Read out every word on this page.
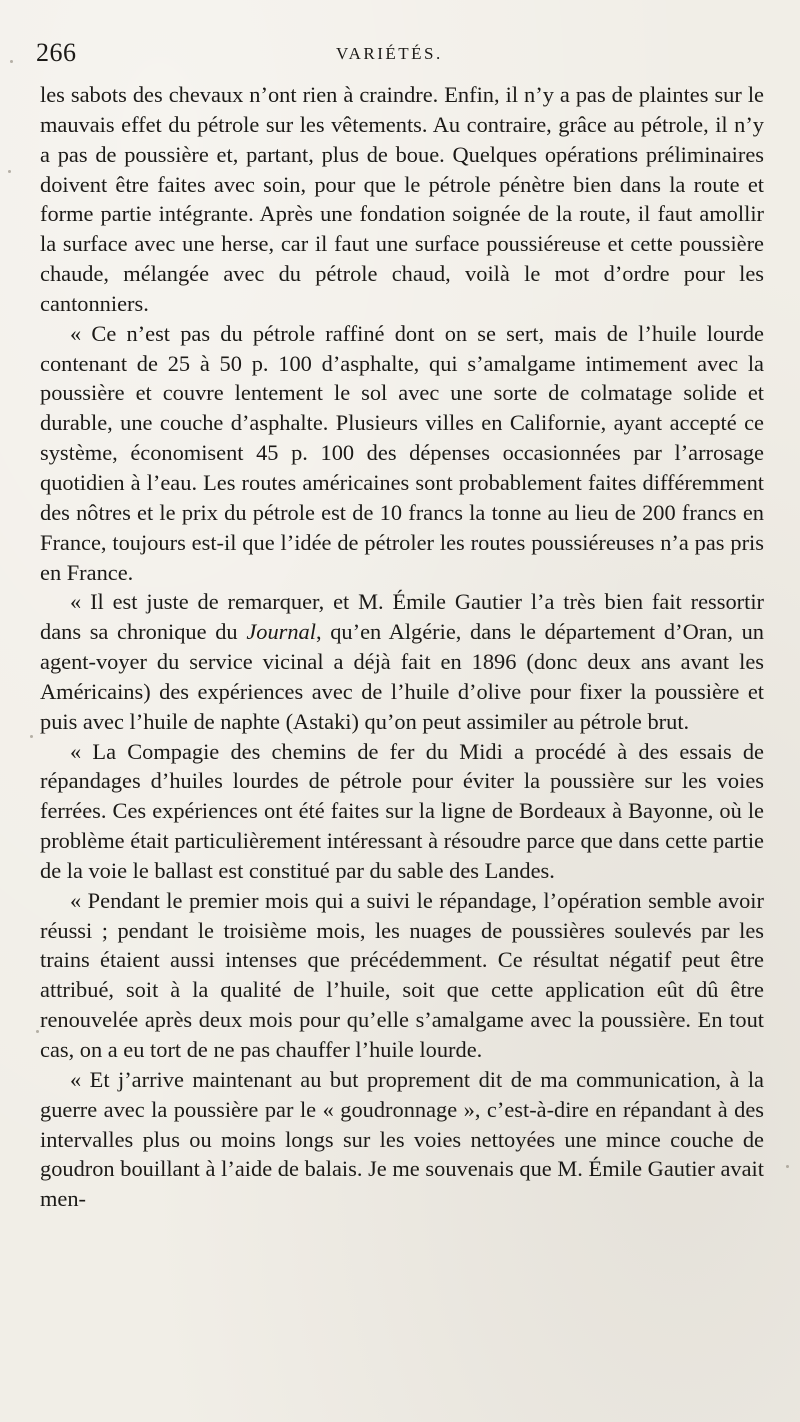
266	VARIÉTÉS.

les sabots des chevaux n’ont rien à craindre. Enfin, il n’y a pas de plaintes sur le mauvais effet du pétrole sur les vêtements. Au contraire, grâce au pétrole, il n’y a pas de poussière et, partant, plus de boue. Quelques opérations préliminaires doivent être faites avec soin, pour que le pétrole pénètre bien dans la route et forme partie intégrante. Après une fondation soignée de la route, il faut amollir la surface avec une herse, car il faut une surface poussiéreuse et cette poussière chaude, mélangée avec du pétrole chaud, voilà le mot d’ordre pour les cantonniers.

« Ce n’est pas du pétrole raffiné dont on se sert, mais de l’huile lourde contenant de 25 à 50 p. 100 d’asphalte, qui s’amalgame intimement avec la poussière et couvre lentement le sol avec une sorte de colmatage solide et durable, une couche d’asphalte. Plusieurs villes en Californie, ayant accepté ce système, économisent 45 p. 100 des dépenses occasionnées par l’arrosage quotidien à l’eau. Les routes américaines sont probablement faites différemment des nôtres et le prix du pétrole est de 10 francs la tonne au lieu de 200 francs en France, toujours est-il que l’idée de pétroler les routes poussiéreuses n’a pas pris en France.

« Il est juste de remarquer, et M. Émile Gautier l’a très bien fait ressortir dans sa chronique du Journal, qu’en Algérie, dans le département d’Oran, un agent-voyer du service vicinal a déjà fait en 1896 (donc deux ans avant les Américains) des expériences avec de l’huile d’olive pour fixer la poussière et puis avec l’huile de naphte (Astaki) qu’on peut assimiler au pétrole brut.

« La Compagie des chemins de fer du Midi a procédé à des essais de répandages d’huiles lourdes de pétrole pour éviter la poussière sur les voies ferrées. Ces expériences ont été faites sur la ligne de Bordeaux à Bayonne, où le problème était particulièrement intéressant à résoudre parce que dans cette partie de la voie le ballast est constitué par du sable des Landes.

« Pendant le premier mois qui a suivi le répandage, l’opération semble avoir réussi ; pendant le troisième mois, les nuages de poussières soulevés par les trains étaient aussi intenses que précédemment. Ce résultat négatif peut être attribué, soit à la qualité de l’huile, soit que cette application eût dû être renouvelée après deux mois pour qu’elle s’amalgame avec la poussière. En tout cas, on a eu tort de ne pas chauffer l’huile lourde.

« Et j’arrive maintenant au but proprement dit de ma communication, à la guerre avec la poussière par le « goudronnage », c’est-à-dire en répandant à des intervalles plus ou moins longs sur les voies nettoyées une mince couche de goudron bouillant à l’aide de balais. Je me souvenais que M. Émile Gautier avait men-
